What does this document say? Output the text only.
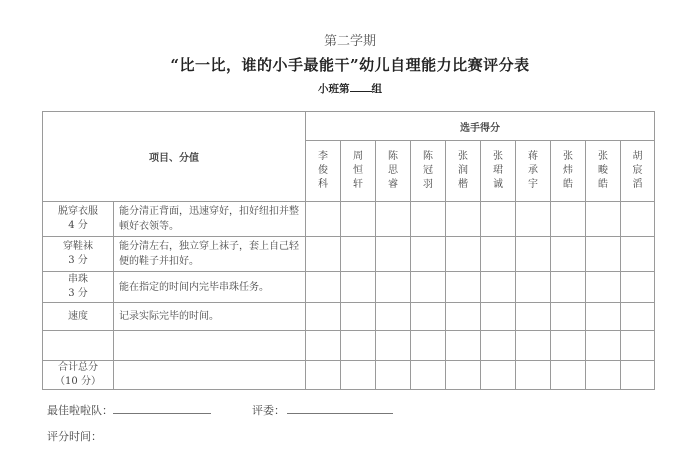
第二学期
“比一比，谁的小手最能干”幼儿自理能力比赛评分表
小班第 组
项目、分值		选手得分									
		李俊科	周恒轩	陈思睿	陈冠羽	张润楷	张珺诚	蒋承宇	张炜皓	张畯皓	胡宸滔

脱穿衣服
4 分	能分清正背面，迅速穿好，扣好纽扣并整顿好衣领等。										

穿鞋袜
3 分	能分清左右，独立穿上袜子，套上自己轻便的鞋子并扣好。										

串珠
3 分	能在指定的时间内完毕串珠任务。										
速度	记录实际完毕的时间。										

合计总分
（10 分）											

最佳啦啦队：	评委：
评分时间：
